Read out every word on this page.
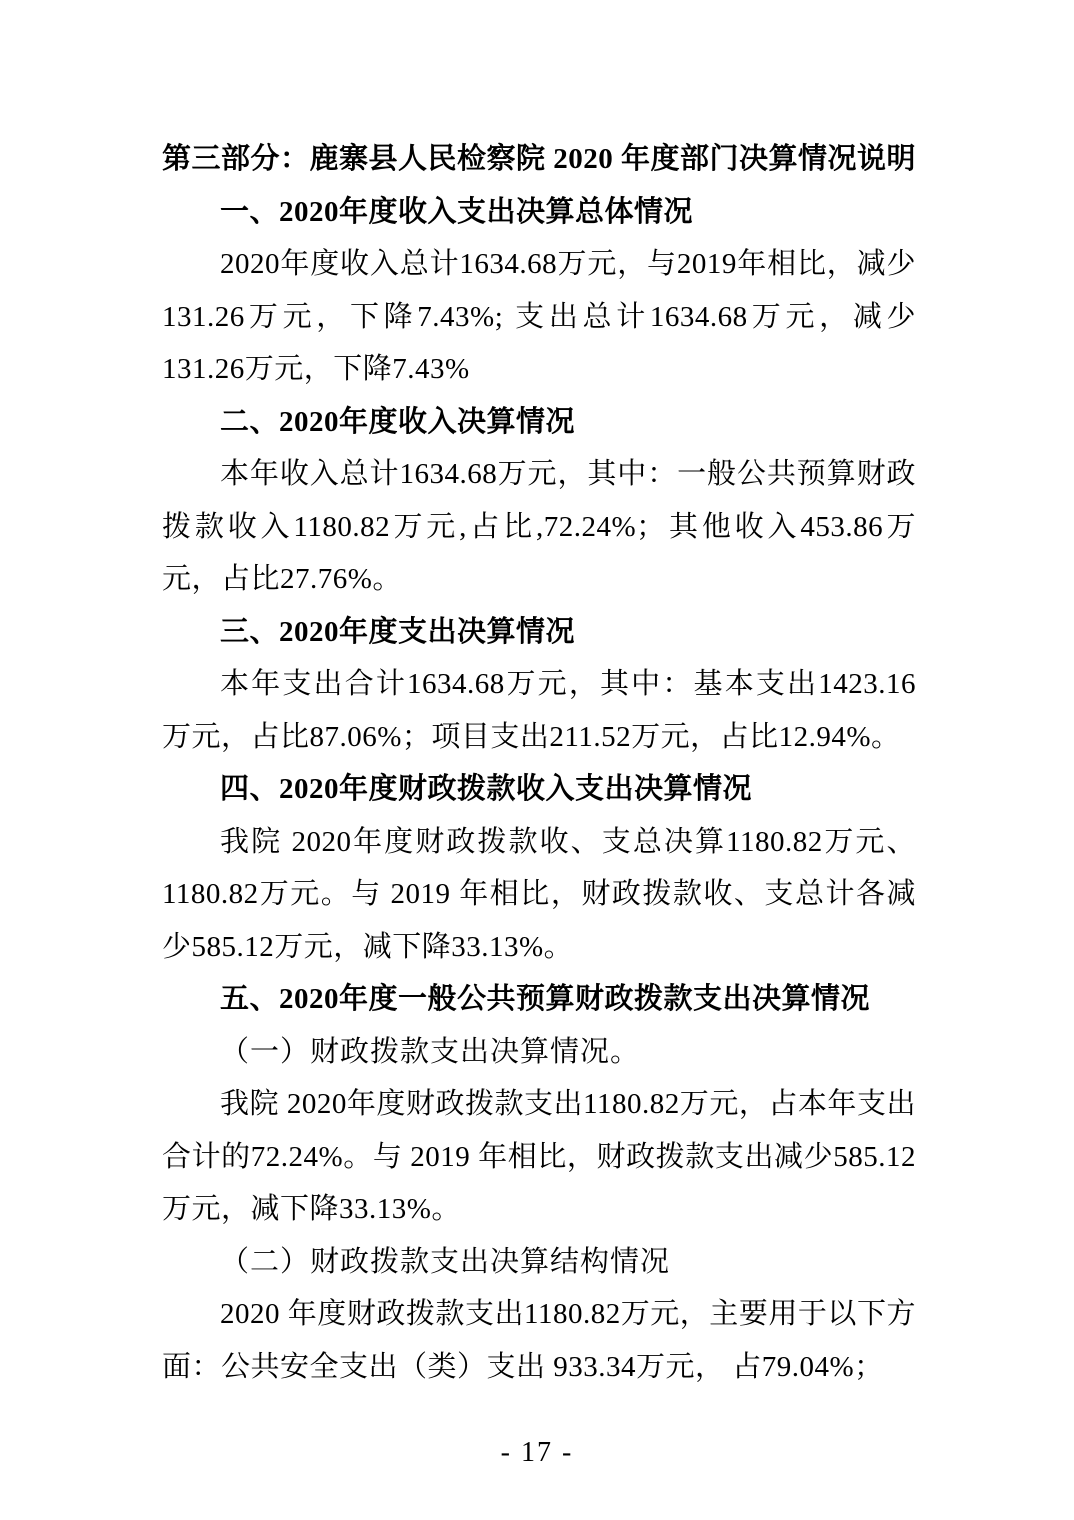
第三部分：鹿寨县人民检察院 2020 年度部门决算情况说明
一、2020年度收入支出决算总体情况

2020年度收入总计1634.68万元，与2019年相比，减少131.26万元，下降7.43%; 支出总计1634.68万元，减少131.26万元，下降7.43%

二、2020年度收入决算情况

本年收入总计1634.68万元，其中：一般公共预算财政拨款收入1180.82万元,占比,72.24%；其他收入453.86万元，占比27.76%。

三、2020年度支出决算情况

本年支出合计1634.68万元，其中：基本支出1423.16万元，占比87.06%；项目支出211.52万元，占比12.94%。

四、2020年度财政拨款收入支出决算情况

我院 2020年度财政拨款收、支总决算1180.82万元、1180.82万元。与 2019 年相比，财政拨款收、支总计各减少585.12万元，减下降33.13%。

五、2020年度一般公共预算财政拨款支出决算情况

（一）财政拨款支出决算情况。

我院 2020年度财政拨款支出1180.82万元，占本年支出合计的72.24%。与 2019 年相比，财政拨款支出减少585.12万元，减下降33.13%。

（二）财政拨款支出决算结构情况

2020 年度财政拨款支出1180.82万元，主要用于以下方面：公共安全支出（类）支出 933.34万元， 占79.04%；

- 17 -
